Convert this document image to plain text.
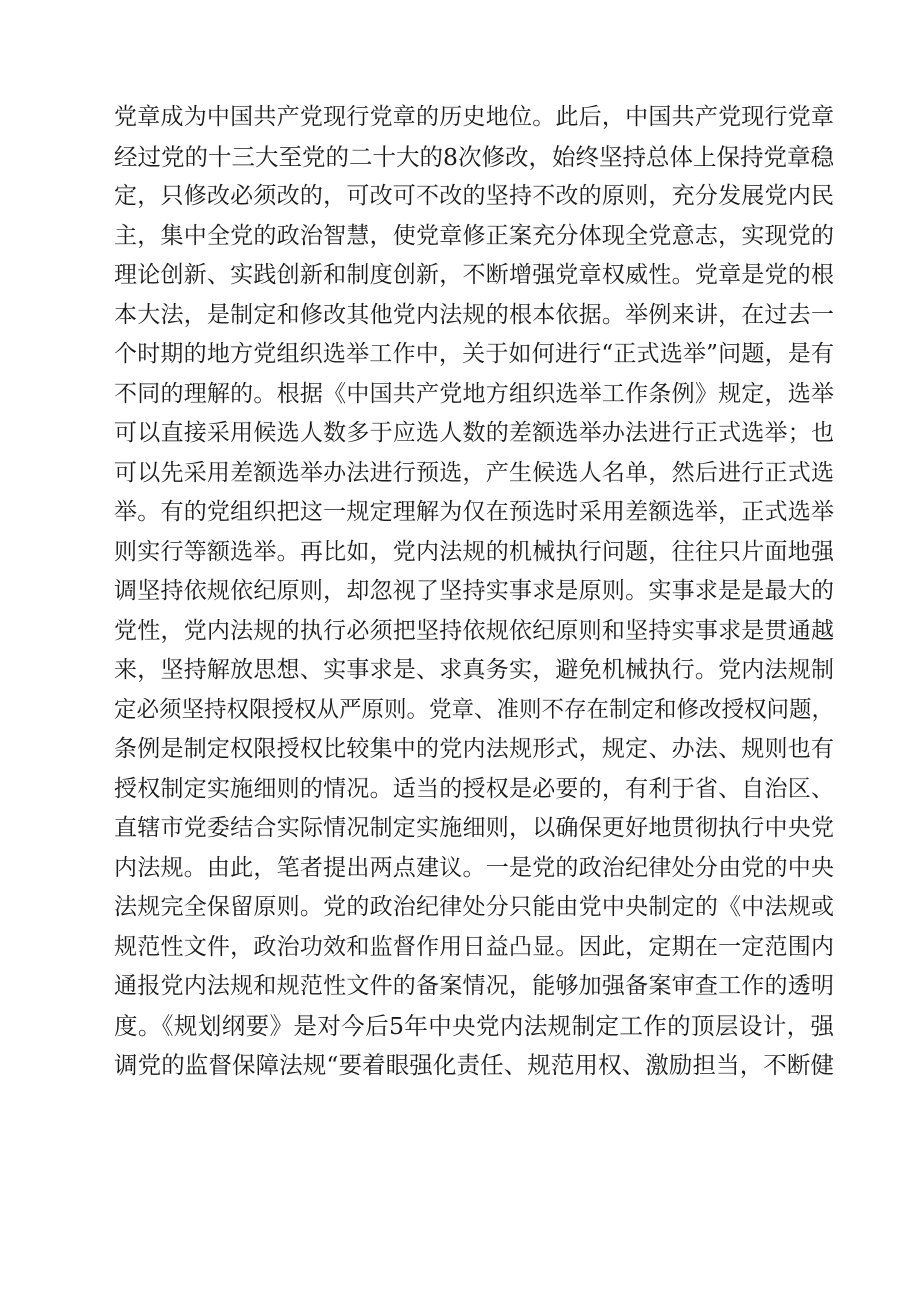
党章成为中国共产党现行党章的历史地位。此后，中国共产党现行党章
经过党的十三大至党的二十大的8次修改，始终坚持总体上保持党章稳
定，只修改必须改的，可改可不改的坚持不改的原则，充分发展党内民
主，集中全党的政治智慧，使党章修正案充分体现全党意志，实现党的
理论创新、实践创新和制度创新，不断增强党章权威性。党章是党的根
本大法，是制定和修改其他党内法规的根本依据。举例来讲，在过去一
个时期的地方党组织选举工作中，关于如何进行“正式选举”问题，是有
不同的理解的。根据《中国共产党地方组织选举工作条例》规定，选举
可以直接采用候选人数多于应选人数的差额选举办法进行正式选举；也
可以先采用差额选举办法进行预选，产生候选人名单，然后进行正式选
举。有的党组织把这一规定理解为仅在预选时采用差额选举，正式选举
则实行等额选举。再比如，党内法规的机械执行问题，往往只片面地强
调坚持依规依纪原则，却忽视了坚持实事求是原则。实事求是是最大的
党性，党内法规的执行必须把坚持依规依纪原则和坚持实事求是贯通越
来，坚持解放思想、实事求是、求真务实，避免机械执行。党内法规制
定必须坚持权限授权从严原则。党章、准则不存在制定和修改授权问题，
条例是制定权限授权比较集中的党内法规形式，规定、办法、规则也有
授权制定实施细则的情况。适当的授权是必要的，有利于省、自治区、
直辖市党委结合实际情况制定实施细则，以确保更好地贯彻执行中央党
内法规。由此，笔者提出两点建议。一是党的政治纪律处分由党的中央
法规完全保留原则。党的政治纪律处分只能由党中央制定的《中法规或
规范性文件，政治功效和监督作用日益凸显。因此，定期在一定范围内
通报党内法规和规范性文件的备案情况，能够加强备案审查工作的透明
度。《规划纲要》是对今后5年中央党内法规制定工作的顶层设计，强
调党的监督保障法规“要着眼强化责任、规范用权、激励担当，不断健
